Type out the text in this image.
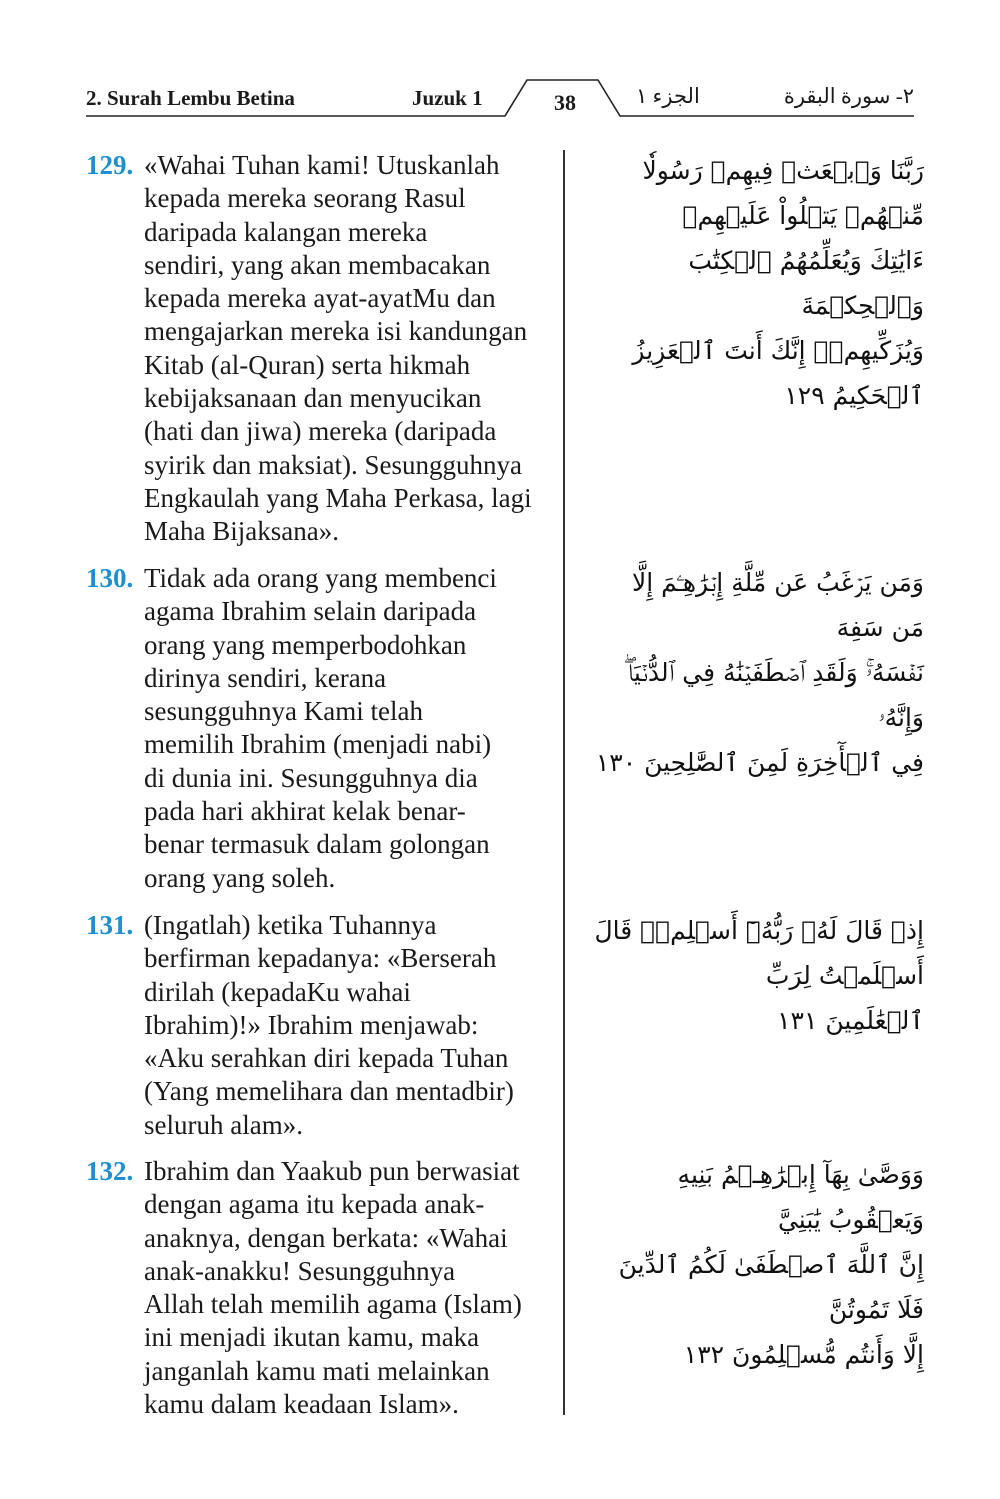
2. Surah Lembu Betina	Juzuk 1	38	الجزء ١	٢- سورة البقرة
129. «Wahai Tuhan kami! Utuskanlah
kepada mereka seorang Rasul
daripada kalangan mereka
sendiri, yang akan membacakan
kepada mereka ayat-ayatMu dan
mengajarkan mereka isi kandungan
Kitab (al-Quran) serta hikmah
kebijaksanaan dan menyucikan
(hati dan jiwa) mereka (daripada
syirik dan maksiat). Sesungguhnya
Engkaulah yang Maha Perkasa, lagi
Maha Bijaksana».
رَبَّنَا وَٱبۡعَثۡ فِيهِمۡ رَسُولٗا مِّنۡهُمۡ يَتۡلُواْ عَلَيۡهِمۡ
ءَايَٰتِكَ وَيُعَلِّمُهُمُ ٱلۡكِتَٰبَ وَٱلۡحِكۡمَةَ
وَيُزَكِّيهِمۡۖ إِنَّكَ أَنتَ ٱلۡعَزِيزُ ٱلۡحَكِيمُ ١٢٩
130. Tidak ada orang yang membenci
agama Ibrahim selain daripada
orang yang memperbodohkan
dirinya sendiri, kerana
sesungguhnya Kami telah
memilih Ibrahim (menjadi nabi)
di dunia ini. Sesungguhnya dia
pada hari akhirat kelak benar-
benar termasuk dalam golongan
orang yang soleh.
وَمَن يَرۡغَبُ عَن مِّلَّةِ إِبۡرَٰهِـۧمَ إِلَّا مَن سَفِهَ
نَفۡسَهُۥۚ وَلَقَدِ ٱصۡطَفَيۡنَٰهُ فِي ٱلدُّنۡيَاۖ وَإِنَّهُۥ
فِي ٱلۡأٓخِرَةِ لَمِنَ ٱلصَّٰلِحِينَ ١٣٠
131. (Ingatlah) ketika Tuhannya
berfirman kepadanya: «Berserah
dirilah (kepadaKu wahai
Ibrahim)!» Ibrahim menjawab:
«Aku serahkan diri kepada Tuhan
(Yang memelihara dan mentadbir)
seluruh alam».
إِذۡ قَالَ لَهُۥ رَبُّهُۥٓ أَسۡلِمۡۖ قَالَ أَسۡلَمۡتُ لِرَبِّ
ٱلۡعَٰلَمِينَ ١٣١
132. Ibrahim dan Yaakub pun berwasiat
dengan agama itu kepada anak-
anaknya, dengan berkata: «Wahai
anak-anakku! Sesungguhnya
Allah telah memilih agama (Islam)
ini menjadi ikutan kamu, maka
janganlah kamu mati melainkan
kamu dalam keadaan Islam».
وَوَصَّىٰ بِهَآ إِبۡرَٰهِـۧمُ بَنِيهِ وَيَعۡقُوبُ يَٰبَنِيَّ
إِنَّ ٱللَّهَ ٱصۡطَفَىٰ لَكُمُ ٱلدِّينَ فَلَا تَمُوتُنَّ
إِلَّا وَأَنتُم مُّسۡلِمُونَ ١٣٢
